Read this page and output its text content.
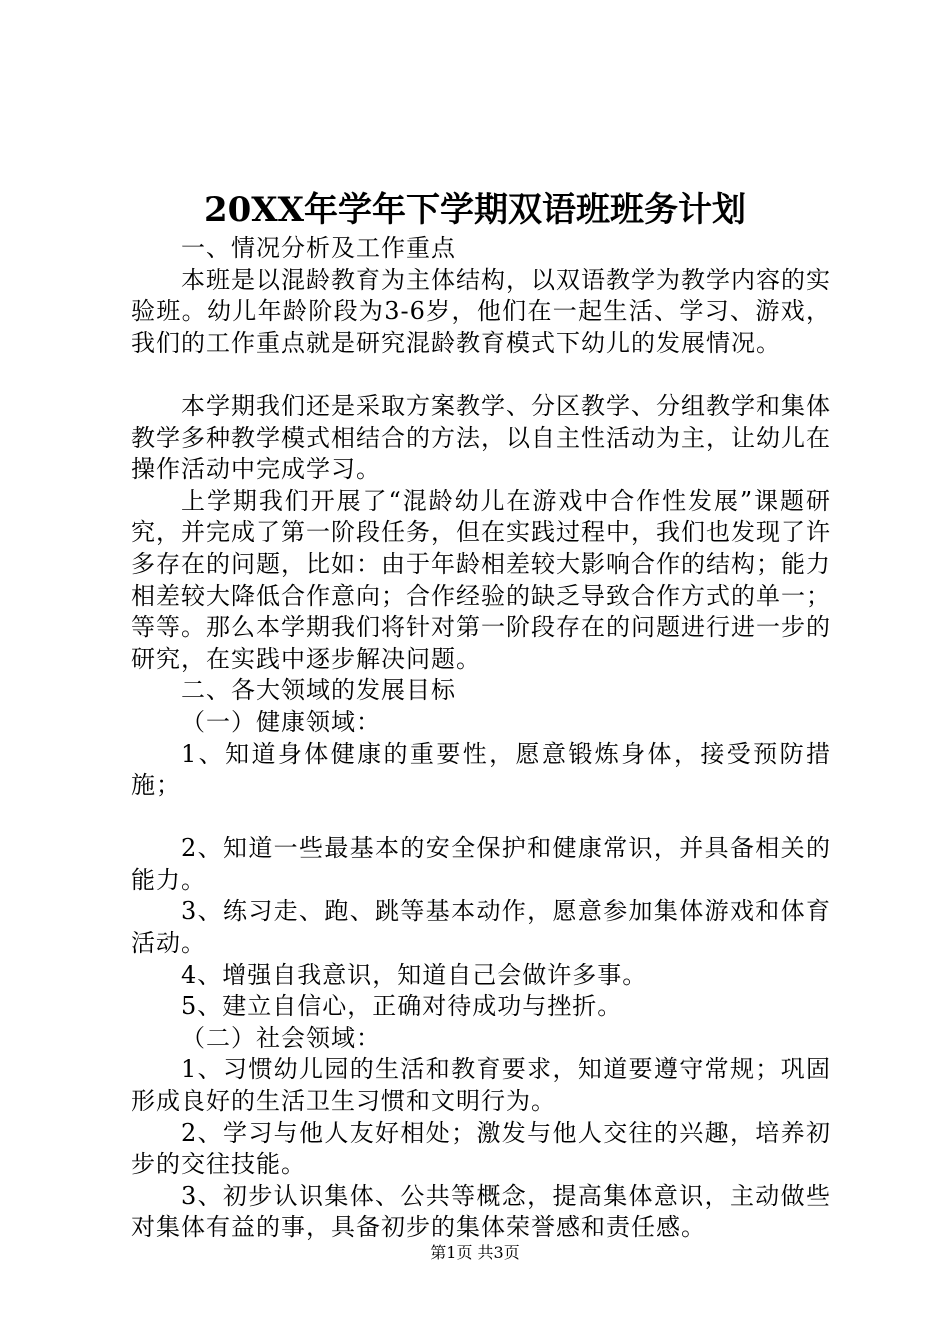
20XX年学年下学期双语班班务计划

一、情况分析及工作重点

本班是以混龄教育为主体结构，以双语教学为教学内容的实验班。幼儿年龄阶段为3-6岁，他们在一起生活、学习、游戏，我们的工作重点就是研究混龄教育模式下幼儿的发展情况。

本学期我们还是采取方案教学、分区教学、分组教学和集体教学多种教学模式相结合的方法，以自主性活动为主，让幼儿在操作活动中完成学习。

上学期我们开展了“混龄幼儿在游戏中合作性发展”课题研究，并完成了第一阶段任务，但在实践过程中，我们也发现了许多存在的问题，比如：由于年龄相差较大影响合作的结构；能力相差较大降低合作意向；合作经验的缺乏导致合作方式的单一；等等。那么本学期我们将针对第一阶段存在的问题进行进一步的研究，在实践中逐步解决问题。

二、各大领域的发展目标

（一）健康领域：

1、知道身体健康的重要性，愿意锻炼身体，接受预防措施；

2、知道一些最基本的安全保护和健康常识，并具备相关的能力。

3、练习走、跑、跳等基本动作，愿意参加集体游戏和体育活动。

4、增强自我意识，知道自己会做许多事。

5、建立自信心，正确对待成功与挫折。

（二）社会领域：

1、习惯幼儿园的生活和教育要求，知道要遵守常规；巩固形成良好的生活卫生习惯和文明行为。

2、学习与他人友好相处；激发与他人交往的兴趣，培养初步的交往技能。

3、初步认识集体、公共等概念，提高集体意识，主动做些对集体有益的事，具备初步的集体荣誉感和责任感。

第1页 共3页
